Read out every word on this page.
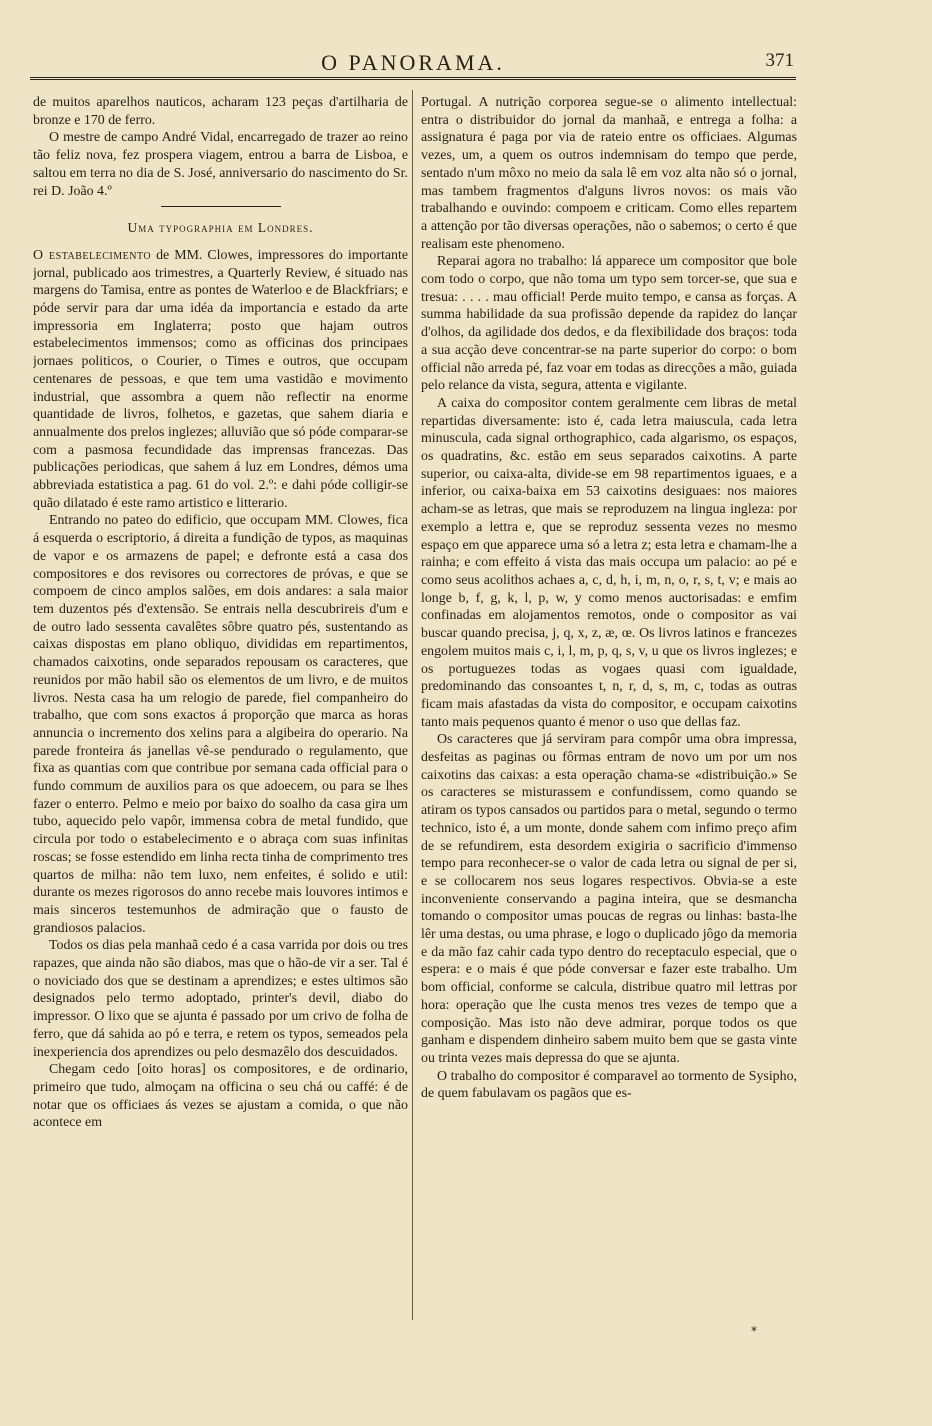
O PANORAMA.	371

de muitos aparelhos nauticos, acharam 123 peças d'artilharia de bronze e 170 de ferro.

O mestre de campo André Vidal, encarregado de trazer ao reino tão feliz nova, fez prospera viagem, entrou a barra de Lisboa, e saltou em terra no dia de S. José, anniversario do nascimento do Sr. rei D. João 4.º

Uma typographia em Londres.

O estabelecimento de MM. Clowes, impressores do importante jornal, publicado aos trimestres, a Quarterly Review, é situado nas margens do Tamisa, entre as pontes de Waterloo e de Blackfriars; e póde servir para dar uma idéa da importancia e estado da arte impressoria em Inglaterra; posto que hajam outros estabelecimentos immensos; como as officinas dos principaes jornaes politicos, o Courier, o Times e outros, que occupam centenares de pessoas, e que tem uma vastidão e movimento industrial, que assombra a quem não reflectir na enorme quantidade de livros, folhetos, e gazetas, que sahem diaria e annualmente dos prelos inglezes; alluvião que só póde comparar-se com a pasmosa fecundidade das imprensas francezas. Das publicações periodicas, que sahem á luz em Londres, démos uma abbreviada estatistica a pag. 61 do vol. 2.º: e dahi póde colligir-se quão dilatado é este ramo artistico e litterario.

Entrando no pateo do edificio, que occupam MM. Clowes, fica á esquerda o escriptorio, á direita a fundição de typos, as maquinas de vapor e os armazens de papel; e defronte está a casa dos compositores e dos revisores ou correctores de próvas, e que se compoem de cinco amplos salões, em dois andares: a sala maior tem duzentos pés d'extensão. Se entrais nella descubrireis d'um e de outro lado sessenta cavalêtes sôbre quatro pés, sustentando as caixas dispostas em plano obliquo, divididas em repartimentos, chamados caixotins, onde separados repousam os caracteres, que reunidos por mão habil são os elementos de um livro, e de muitos livros. Nesta casa ha um relogio de parede, fiel companheiro do trabalho, que com sons exactos á proporção que marca as horas annuncia o incremento dos xelins para a algibeira do operario. Na parede fronteira ás janellas vê-se pendurado o regulamento, que fixa as quantias com que contribue por semana cada official para o fundo commum de auxilios para os que adoecem, ou para se lhes fazer o enterro. Pelmo e meio por baixo do soalho da casa gira um tubo, aquecido pelo vapôr, immensa cobra de metal fundido, que circula por todo o estabelecimento e o abraça com suas infinitas roscas; se fosse estendido em linha recta tinha de comprimento tres quartos de milha: não tem luxo, nem enfeites, é solido e util: durante os mezes rigorosos do anno recebe mais louvores intimos e mais sinceros testemunhos de admiração que o fausto de grandiosos palacios.

Todos os dias pela manhaã cedo é a casa varrida por dois ou tres rapazes, que ainda não são diabos, mas que o hão-de vir a ser. Tal é o noviciado dos que se destinam a aprendizes; e estes ultimos são designados pelo termo adoptado, printer's devil, diabo do impressor. O lixo que se ajunta é passado por um crivo de folha de ferro, que dá sahida ao pó e terra, e retem os typos, semeados pela inexperiencia dos aprendizes ou pelo desmazêlo dos descuidados.

Chegam cedo [oito horas] os compositores, e de ordinario, primeiro que tudo, almoçam na officina o seu chá ou caffé: é de notar que os officiaes ás vezes se ajustam a comida, o que não acontece em

Portugal. A nutrição corporea segue-se o alimento intellectual: entra o distribuidor do jornal da manhaã, e entrega a folha: a assignatura é paga por via de rateio entre os officiaes. Algumas vezes, um, a quem os outros indemnisam do tempo que perde, sentado n'um môxo no meio da sala lê em voz alta não só o jornal, mas tambem fragmentos d'alguns livros novos: os mais vão trabalhando e ouvindo: compoem e criticam. Como elles repartem a attenção por tão diversas operações, não o sabemos; o certo é que realisam este phenomeno.

Reparai agora no trabalho: lá apparece um compositor que bole com todo o corpo, que não toma um typo sem torcer-se, que sua e tresua: . . . . mau official! Perde muito tempo, e cansa as forças. A summa habilidade da sua profissão depende da rapidez do lançar d'olhos, da agilidade dos dedos, e da flexibilidade dos braços: toda a sua acção deve concentrar-se na parte superior do corpo: o bom official não arreda pé, faz voar em todas as direcções a mão, guiada pelo relance da vista, segura, attenta e vigilante.

A caixa do compositor contem geralmente cem libras de metal repartidas diversamente: isto é, cada letra maiuscula, cada letra minuscula, cada signal orthographico, cada algarismo, os espaços, os quadratins, &c. estão em seus separados caixotins. A parte superior, ou caixa-alta, divide-se em 98 repartimentos iguaes, e a inferior, ou caixa-baixa em 53 caixotins desiguaes: nos maiores acham-se as letras, que mais se reproduzem na lingua ingleza: por exemplo a lettra e, que se reproduz sessenta vezes no mesmo espaço em que apparece uma só a letra z; esta letra e chamam-lhe a rainha; e com effeito á vista das mais occupa um palacio: ao pé e como seus acolithos achaes a, c, d, h, i, m, n, o, r, s, t, v; e mais ao longe b, f, g, k, l, p, w, y como menos auctorisadas: e emfim confinadas em alojamentos remotos, onde o compositor as vai buscar quando precisa, j, q, x, z, æ, œ. Os livros latinos e francezes engolem muitos mais c, i, l, m, p, q, s, v, u que os livros inglezes; e os portuguezes todas as vogaes quasi com igualdade, predominando das consoantes t, n, r, d, s, m, c, todas as outras ficam mais afastadas da vista do compositor, e occupam caixotins tanto mais pequenos quanto é menor o uso que dellas faz.

Os caracteres que já serviram para compôr uma obra impressa, desfeitas as paginas ou fôrmas entram de novo um por um nos caixotins das caixas: a esta operação chama-se «distribuição.» Se os caracteres se misturassem e confundissem, como quando se atiram os typos cansados ou partidos para o metal, segundo o termo technico, isto é, a um monte, donde sahem com infimo preço afim de se refundirem, esta desordem exigiria o sacrificio d'immenso tempo para reconhecer-se o valor de cada letra ou signal de per si, e se collocarem nos seus logares respectivos. Obvia-se a este inconveniente conservando a pagina inteira, que se desmancha tomando o compositor umas poucas de regras ou linhas: basta-lhe lêr uma destas, ou uma phrase, e logo o duplicado jôgo da memoria e da mão faz cahir cada typo dentro do receptaculo especial, que o espera: e o mais é que póde conversar e fazer este trabalho. Um bom official, conforme se calcula, distribue quatro mil lettras por hora: operação que lhe custa menos tres vezes de tempo que a composição. Mas isto não deve admirar, porque todos os que ganham e dispendem dinheiro sabem muito bem que se gasta vinte ou trinta vezes mais depressa do que se ajunta.

O trabalho do compositor é comparavel ao tormento de Sysipho, de quem fabulavam os pagãos que es-

*
